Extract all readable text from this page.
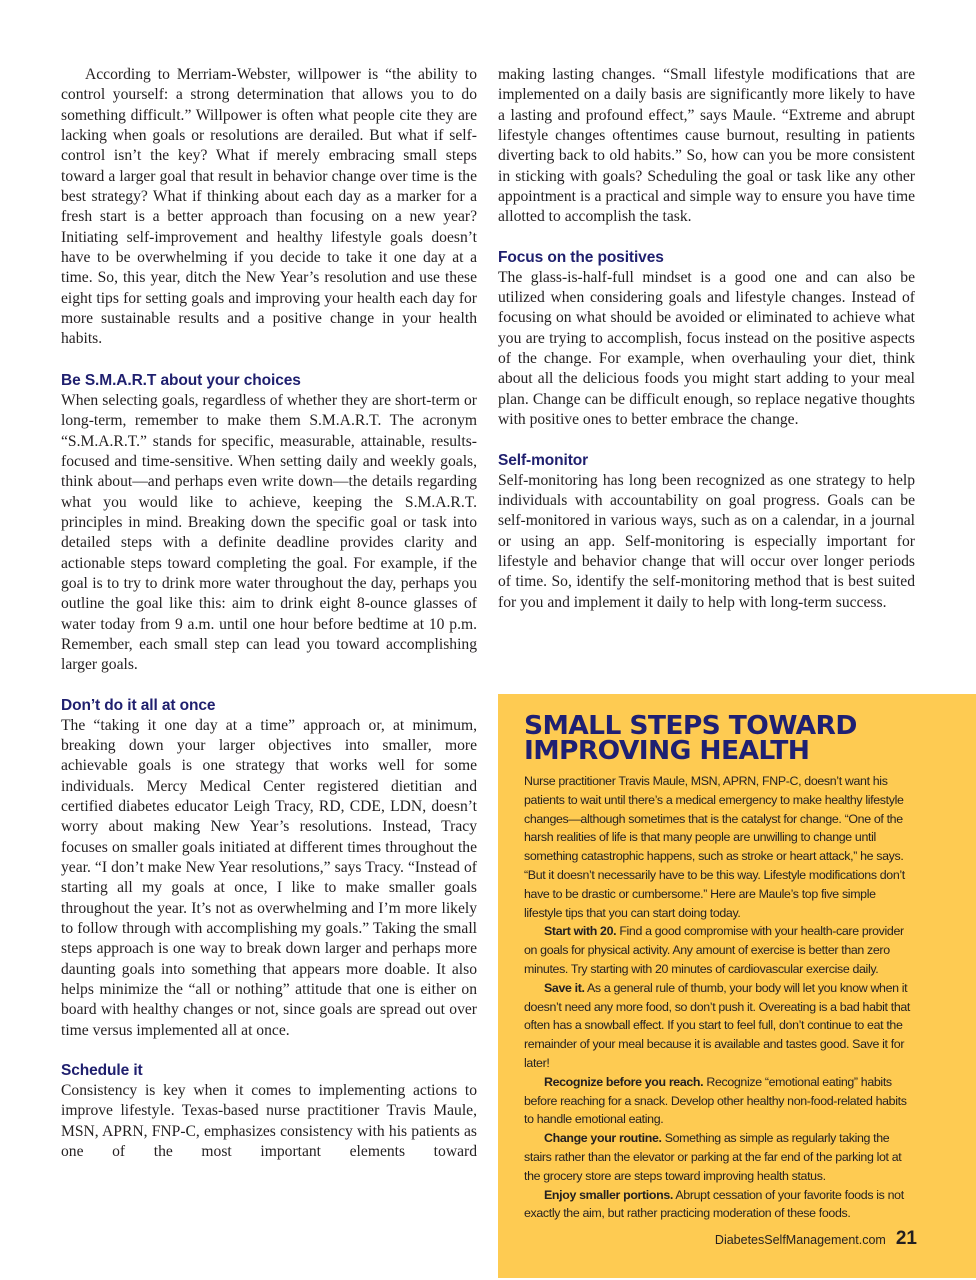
According to Merriam-Webster, willpower is “the ability to control yourself: a strong determination that allows you to do something difficult.” Willpower is often what people cite they are lacking when goals or resolutions are derailed. But what if self-control isn’t the key? What if merely embracing small steps toward a larger goal that result in behavior change over time is the best strategy? What if thinking about each day as a marker for a fresh start is a better approach than focusing on a new year? Initiating self-improvement and healthy lifestyle goals doesn’t have to be overwhelming if you decide to take it one day at a time. So, this year, ditch the New Year’s resolution and use these eight tips for setting goals and improving your health each day for more sustainable results and a positive change in your health habits.

Be S.M.A.R.T about your choices

When selecting goals, regardless of whether they are short-term or long-term, remember to make them S.M.A.R.T. The acronym “S.M.A.R.T.” stands for specific, measurable, attainable, results-focused and time-sensitive. When setting daily and weekly goals, think about—and perhaps even write down—the details regarding what you would like to achieve, keeping the S.M.A.R.T. principles in mind. Breaking down the specific goal or task into detailed steps with a definite deadline provides clarity and actionable steps toward completing the goal. For example, if the goal is to try to drink more water throughout the day, perhaps you outline the goal like this: aim to drink eight 8-ounce glasses of water today from 9 a.m. until one hour before bedtime at 10 p.m. Remember, each small step can lead you toward accomplishing larger goals.

Don’t do it all at once

The “taking it one day at a time” approach or, at minimum, breaking down your larger objectives into smaller, more achievable goals is one strategy that works well for some individuals. Mercy Medical Center registered dietitian and certified diabetes educator Leigh Tracy, RD, CDE, LDN, doesn’t worry about making New Year’s resolutions. Instead, Tracy focuses on smaller goals initiated at different times throughout the year. “I don’t make New Year resolutions,” says Tracy. “Instead of starting all my goals at once, I like to make smaller goals throughout the year. It’s not as overwhelming and I’m more likely to follow through with accomplishing my goals.” Taking the small steps approach is one way to break down larger and perhaps more daunting goals into something that appears more doable. It also helps minimize the “all or nothing” attitude that one is either on board with healthy changes or not, since goals are spread out over time versus implemented all at once.

Schedule it

Consistency is key when it comes to implementing actions to improve lifestyle. Texas-based nurse practitioner Travis Maule, MSN, APRN, FNP-C, emphasizes consistency with his patients as one of the most important elements toward

making lasting changes. “Small lifestyle modifications that are implemented on a daily basis are significantly more likely to have a lasting and profound effect,” says Maule. “Extreme and abrupt lifestyle changes oftentimes cause burnout, resulting in patients diverting back to old habits.” So, how can you be more consistent in sticking with goals? Scheduling the goal or task like any other appointment is a practical and simple way to ensure you have time allotted to accomplish the task.

Focus on the positives

The glass-is-half-full mindset is a good one and can also be utilized when considering goals and lifestyle changes. Instead of focusing on what should be avoided or eliminated to achieve what you are trying to accomplish, focus instead on the positive aspects of the change. For example, when overhauling your diet, think about all the delicious foods you might start adding to your meal plan. Change can be difficult enough, so replace negative thoughts with positive ones to better embrace the change.

Self-monitor

Self-monitoring has long been recognized as one strategy to help individuals with accountability on goal progress. Goals can be self-monitored in various ways, such as on a calendar, in a journal or using an app. Self-monitoring is especially important for lifestyle and behavior change that will occur over longer periods of time. So, identify the self-monitoring method that is best suited for you and implement it daily to help with long-term success.

SMALL STEPS TOWARD
IMPROVING HEALTH

Nurse practitioner Travis Maule, MSN, APRN, FNP-C, doesn’t want his patients to wait until there’s a medical emergency to make healthy lifestyle changes—although sometimes that is the catalyst for change. “One of the harsh realities of life is that many people are unwilling to change until something catastrophic happens, such as stroke or heart attack,” he says. “But it doesn’t necessarily have to be this way. Lifestyle modifications don’t have to be drastic or cumbersome.” Here are Maule’s top five simple lifestyle tips that you can start doing today.

Start with 20. Find a good compromise with your health-care provider on goals for physical activity. Any amount of exercise is better than zero minutes. Try starting with 20 minutes of cardiovascular exercise daily.

Save it. As a general rule of thumb, your body will let you know when it doesn’t need any more food, so don’t push it. Overeating is a bad habit that often has a snowball effect. If you start to feel full, don’t continue to eat the remainder of your meal because it is available and tastes good. Save it for later!

Recognize before you reach. Recognize “emotional eating” habits before reaching for a snack. Develop other healthy non-food-related habits to handle emotional eating.

Change your routine. Something as simple as regularly taking the stairs rather than the elevator or parking at the far end of the parking lot at the grocery store are steps toward improving health status.

Enjoy smaller portions. Abrupt cessation of your favorite foods is not exactly the aim, but rather practicing moderation of these foods.

DiabetesSelfManagement.com 21
